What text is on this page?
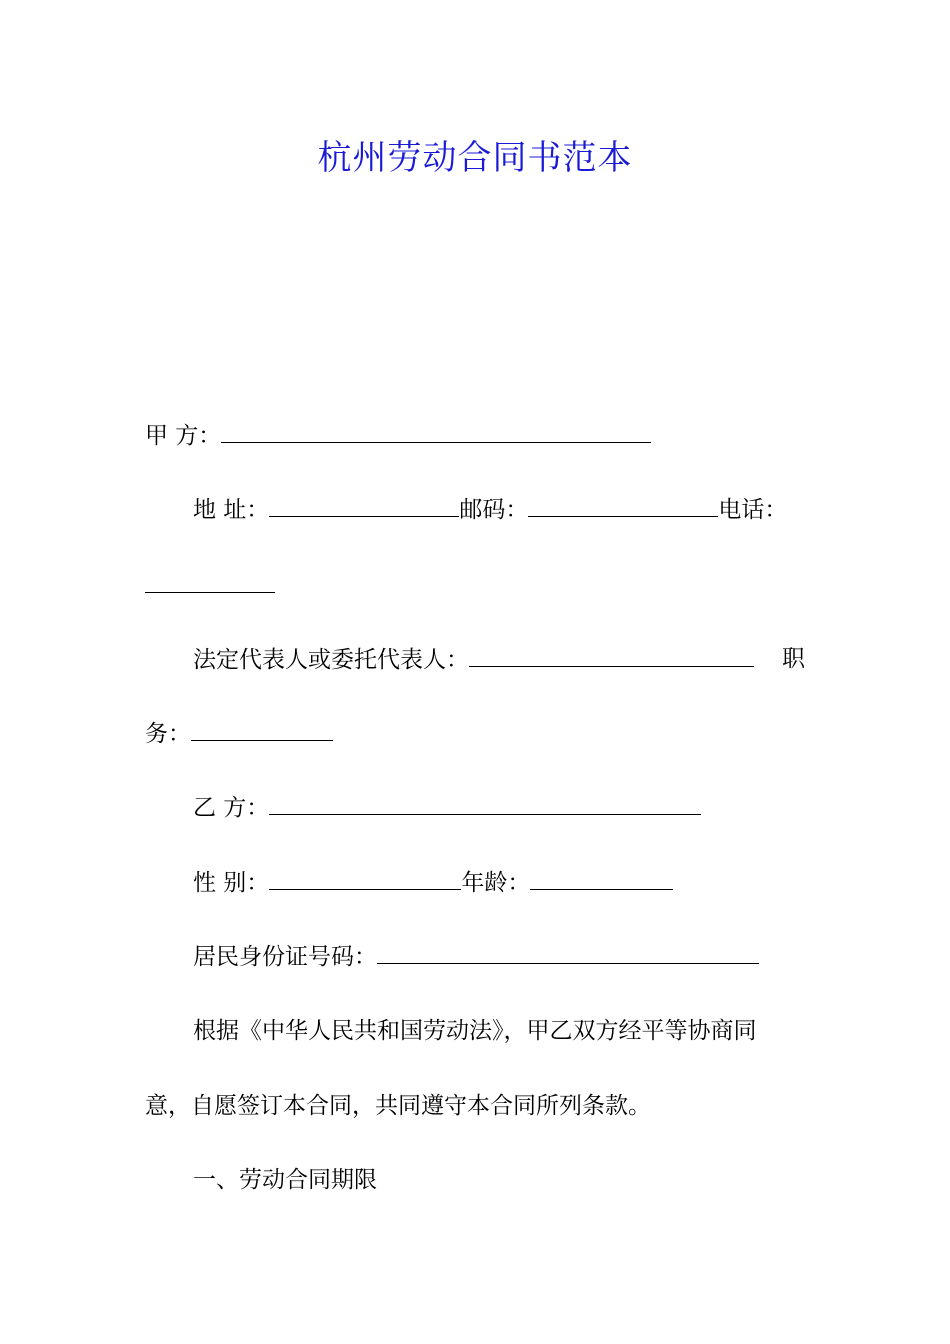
杭州劳动合同书范本
甲 方：
地 址：	邮码：	电话：
法定代表人或委托代表人：	职
务：
乙 方：
性 别：	年龄：
居民身份证号码：
根据《中华人民共和国劳动法》，甲乙双方经平等协商同
意，自愿签订本合同，共同遵守本合同所列条款。
一、劳动合同期限
